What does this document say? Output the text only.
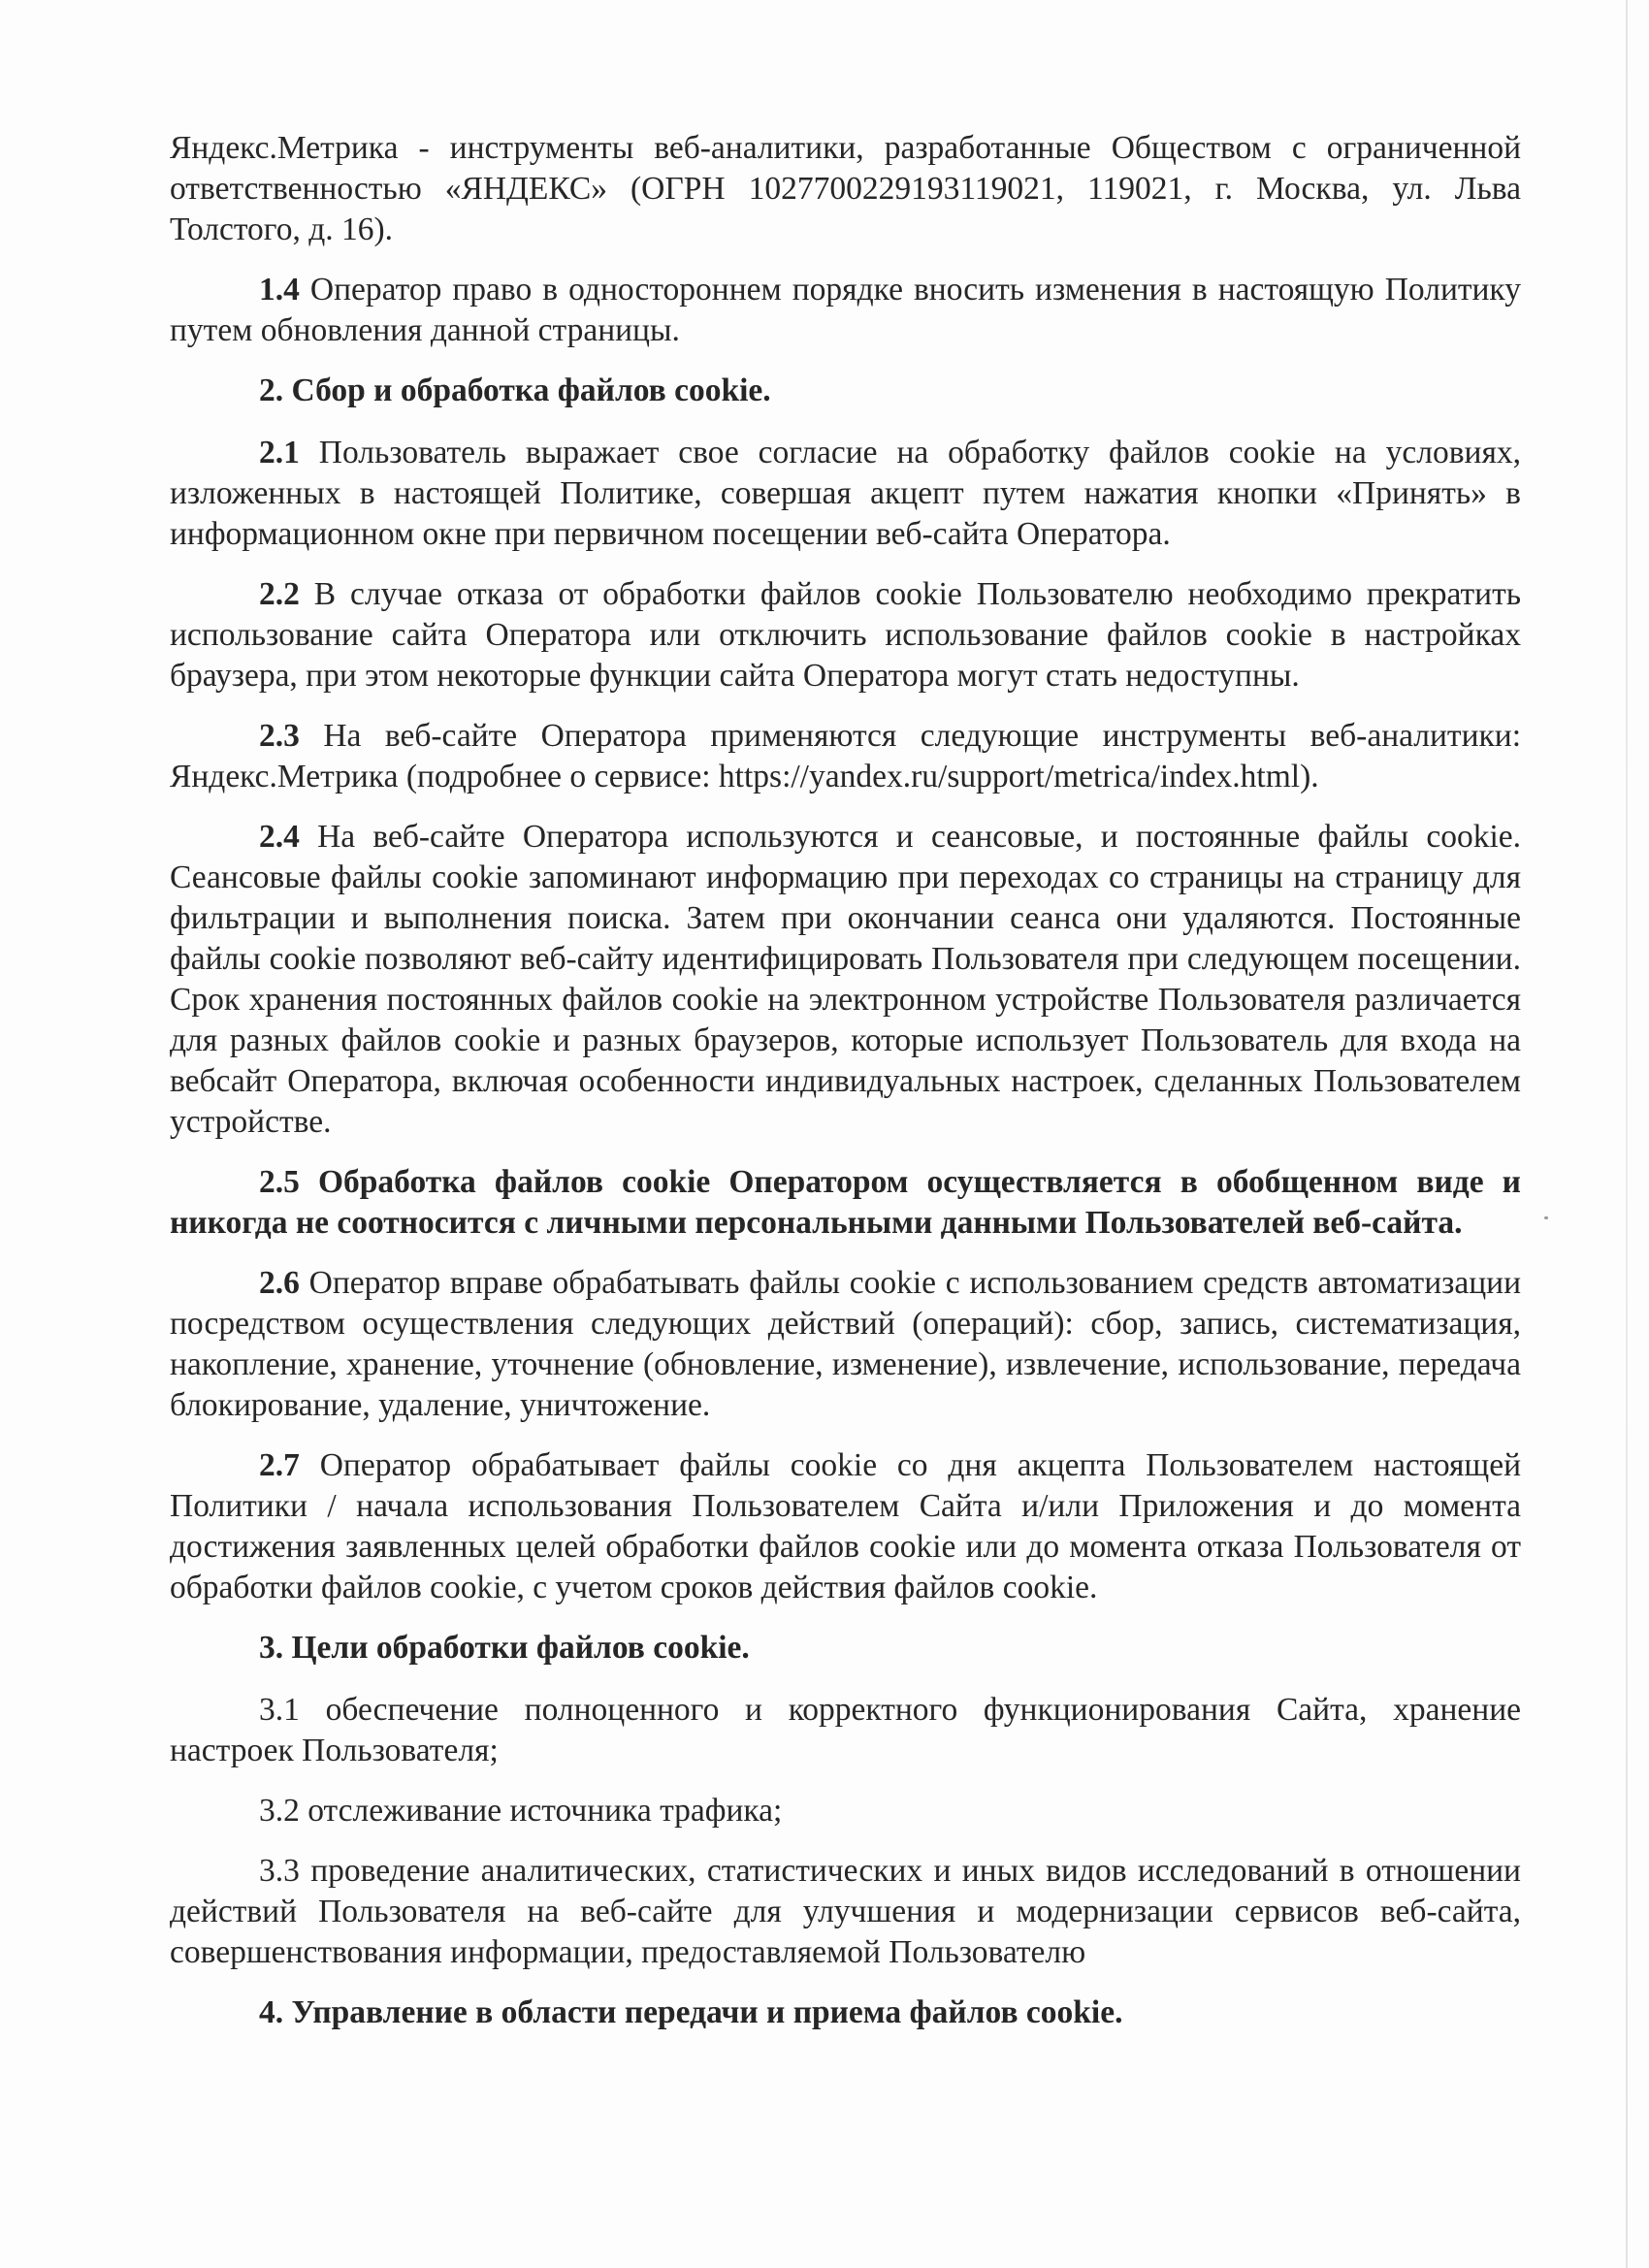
Яндекс.Метрика - инструменты веб-аналитики, разработанные Обществом с ограниченной ответственностью «ЯНДЕКС» (ОГРН 1027700229193119021, 119021, г. Москва, ул. Льва Толстого, д. 16).

1.4 Оператор право в одностороннем порядке вносить изменения в настоящую Политику путем обновления данной страницы.

2. Сбор и обработка файлов cookie.

2.1 Пользователь выражает свое согласие на обработку файлов cookie на условиях, изложенных в настоящей Политике, совершая акцепт путем нажатия кнопки «Принять» в информационном окне при первичном посещении веб-сайта Оператора.

2.2 В случае отказа от обработки файлов cookie Пользователю необходимо прекратить использование сайта Оператора или отключить использование файлов cookie в настройках браузера, при этом некоторые функции сайта Оператора могут стать недоступны.

2.3 На веб-сайте Оператора применяются следующие инструменты веб-аналитики: Яндекс.Метрика (подробнее о сервисе: https://yandex.ru/support/metrica/index.html).

2.4 На веб-сайте Оператора используются и сеансовые, и постоянные файлы cookie. Сеансовые файлы cookie запоминают информацию при переходах со страницы на страницу для фильтрации и выполнения поиска. Затем при окончании сеанса они удаляются. Постоянные файлы cookie позволяют веб-сайту идентифицировать Пользователя при следующем посещении. Срок хранения постоянных файлов cookie на электронном устройстве Пользователя различается для разных файлов cookie и разных браузеров, которые использует Пользователь для входа на вебсайт Оператора, включая особенности индивидуальных настроек, сделанных Пользователем устройстве.

2.5 Обработка файлов cookie Оператором осуществляется в обобщенном виде и никогда не соотносится с личными персональными данными Пользователей веб-сайта.

2.6 Оператор вправе обрабатывать файлы cookie с использованием средств автоматизации посредством осуществления следующих действий (операций): сбор, запись, систематизация, накопление, хранение, уточнение (обновление, изменение), извлечение, использование, передача блокирование, удаление, уничтожение.

2.7 Оператор обрабатывает файлы cookie со дня акцепта Пользователем настоящей Политики / начала использования Пользователем Сайта и/или Приложения и до момента достижения заявленных целей обработки файлов cookie или до момента отказа Пользователя от обработки файлов cookie, с учетом сроков действия файлов cookie.

3. Цели обработки файлов cookie.

3.1 обеспечение полноценного и корректного функционирования Сайта, хранение настроек Пользователя;

3.2 отслеживание источника трафика;

3.3 проведение аналитических, статистических и иных видов исследований в отношении действий Пользователя на веб-сайте для улучшения и модернизации сервисов веб-сайта, совершенствования информации, предоставляемой Пользователю

4. Управление в области передачи и приема файлов cookie.
